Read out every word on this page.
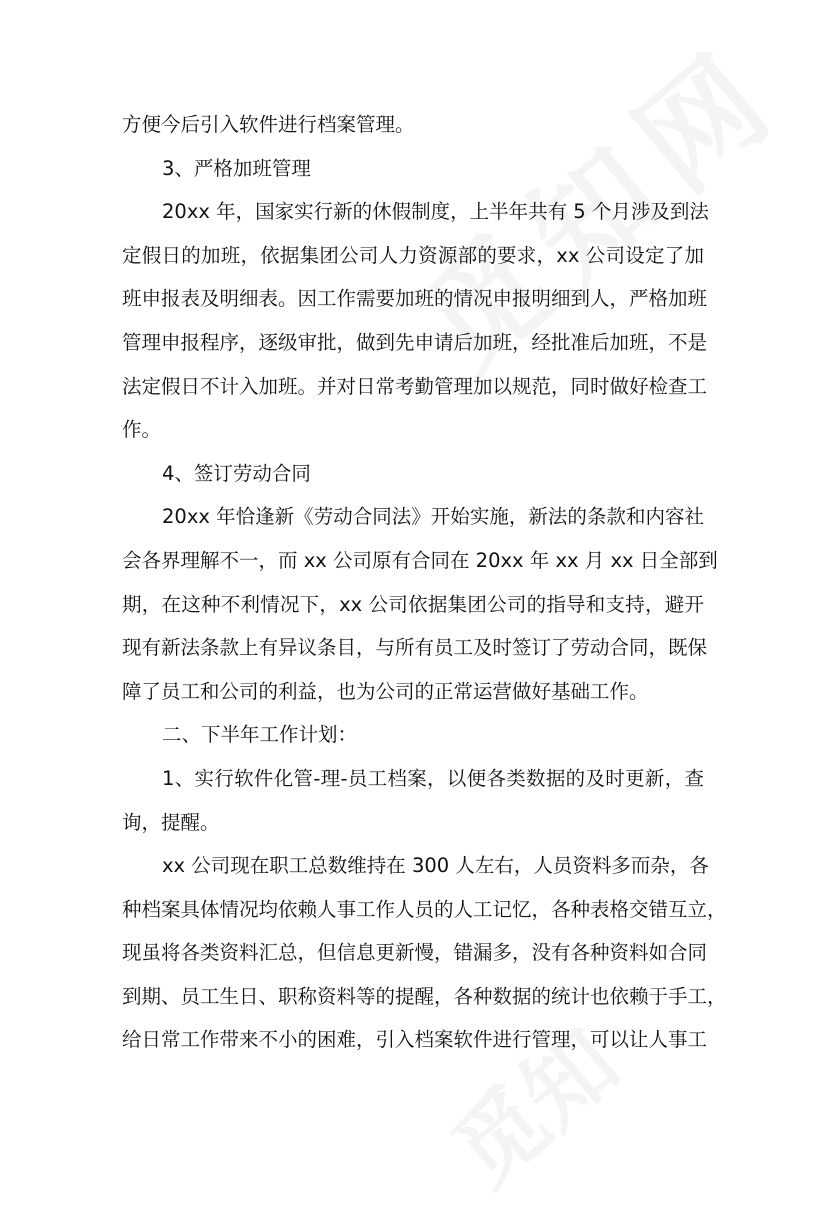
方便今后引入软件进行档案管理。
3、严格加班管理
20xx 年，国家实行新的休假制度，上半年共有 5 个月涉及到法
定假日的加班，依据集团公司人力资源部的要求，xx 公司设定了加
班申报表及明细表。因工作需要加班的情况申报明细到人，严格加班
管理申报程序，逐级审批，做到先申请后加班，经批准后加班，不是
法定假日不计入加班。并对日常考勤管理加以规范，同时做好检查工
作。
4、签订劳动合同
20xx 年恰逢新《劳动合同法》开始实施，新法的条款和内容社
会各界理解不一，而 xx 公司原有合同在 20xx 年 xx 月 xx 日全部到
期，在这种不利情况下，xx 公司依据集团公司的指导和支持，避开
现有新法条款上有异议条目，与所有员工及时签订了劳动合同，既保
障了员工和公司的利益，也为公司的正常运营做好基础工作。
二、下半年工作计划：
1、实行软件化管-理-员工档案，以便各类数据的及时更新，查
询，提醒。
xx 公司现在职工总数维持在 300 人左右，人员资料多而杂，各
种档案具体情况均依赖人事工作人员的人工记忆，各种表格交错互立，
现虽将各类资料汇总，但信息更新慢，错漏多，没有各种资料如合同
到期、员工生日、职称资料等的提醒，各种数据的统计也依赖于手工，
给日常工作带来不小的困难，引入档案软件进行管理，可以让人事工
